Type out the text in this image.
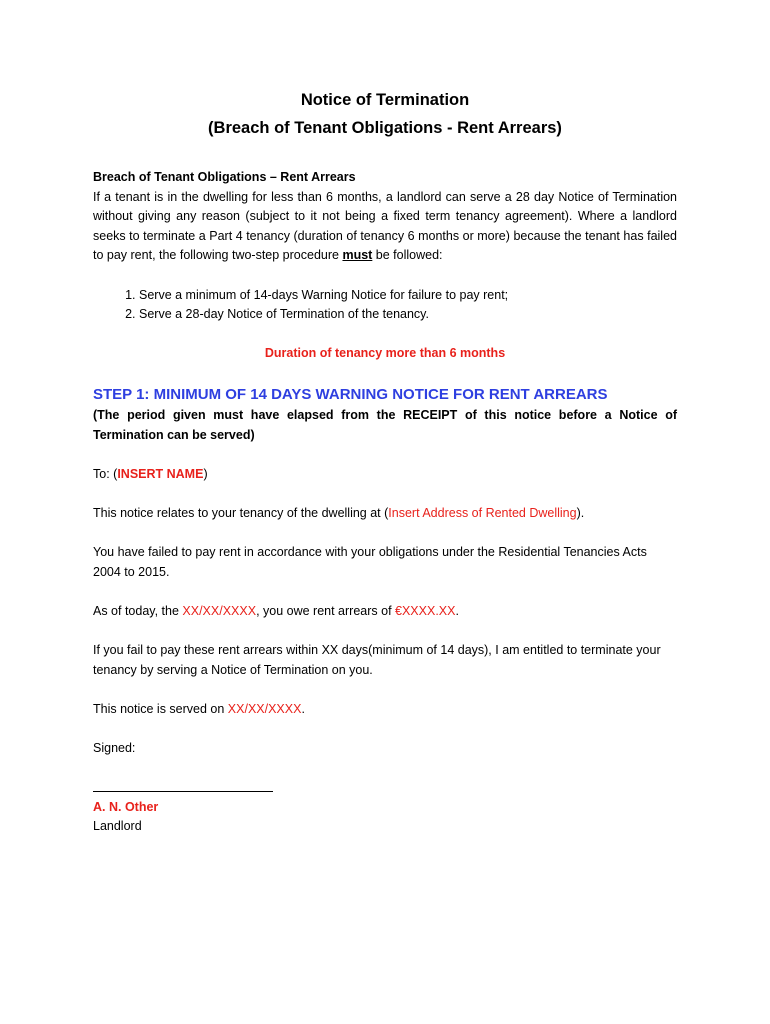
Notice of Termination

(Breach of Tenant Obligations - Rent Arrears)

Breach of Tenant Obligations – Rent Arrears

If a tenant is in the dwelling for less than 6 months, a landlord can serve a 28 day Notice of Termination without giving any reason (subject to it not being a fixed term tenancy agreement). Where a landlord seeks to terminate a Part 4 tenancy (duration of tenancy 6 months or more) because the tenant has failed to pay rent, the following two-step procedure must be followed:

1. Serve a minimum of 14-days Warning Notice for failure to pay rent;
2. Serve a 28-day Notice of Termination of the tenancy.

Duration of tenancy more than 6 months

STEP 1: MINIMUM OF 14 DAYS WARNING NOTICE FOR RENT ARREARS

(The period given must have elapsed from the RECEIPT of this notice before a Notice of Termination can be served)

To: (INSERT NAME)

This notice relates to your tenancy of the dwelling at (Insert Address of Rented Dwelling).

You have failed to pay rent in accordance with your obligations under the Residential Tenancies Acts 2004 to 2015.

As of today, the XX/XX/XXXX, you owe rent arrears of €XXXX.XX.

If you fail to pay these rent arrears within XX days(minimum of 14 days), I am entitled to terminate your tenancy by serving a Notice of Termination on you.

This notice is served on XX/XX/XXXX.

Signed:

A. N. Other

Landlord
